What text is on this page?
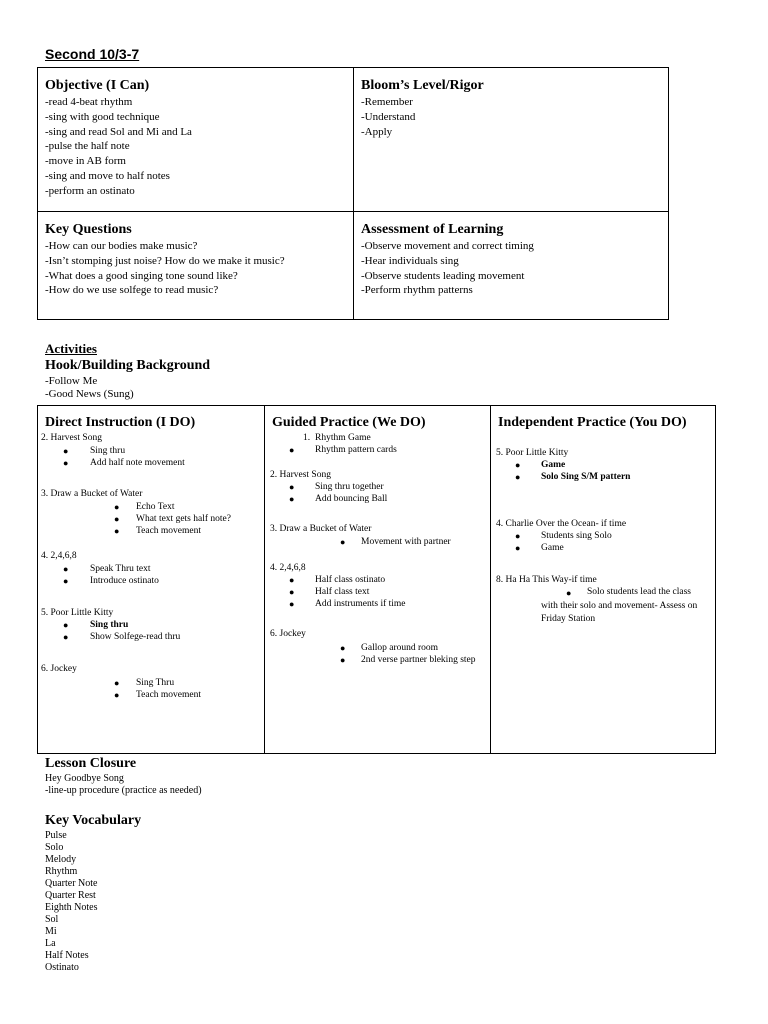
Second 10/3-7
Objective (I Can)
-read 4-beat rhythm
-sing with good technique
-sing and read Sol and Mi and La
-pulse the half note
-move in AB form
-sing and move to half notes
-perform an ostinato
Bloom’s Level/Rigor
-Remember
-Understand
-Apply
Key Questions
-How can our bodies make music?
-Isn’t stomping just noise? How do we make it music?
-What does a good singing tone sound like?
-How do we use solfege to read music?
Assessment of Learning
-Observe movement and correct timing
-Hear individuals sing
-Observe students leading movement
-Perform rhythm patterns
Activities
Hook/Building Background
-Follow Me
-Good News (Sung)
Direct Instruction (I DO)
2. Harvest Song
● Sing thru
● Add half note movement
3. Draw a Bucket of Water
● Echo Text
● What text gets half note?
● Teach movement
4. 2,4,6,8
● Speak Thru text
● Introduce ostinato
5. Poor Little Kitty
● Sing thru
● Show Solfege-read thru
6. Jockey
● Sing Thru
● Teach movement
Guided Practice (We DO)
1. Rhythm Game
● Rhythm pattern cards
2. Harvest Song
● Sing thru together
● Add bouncing Ball
3. Draw a Bucket of Water
● Movement with partner
4. 2,4,6,8
● Half class ostinato
● Half class text
● Add instruments if time
6. Jockey
● Gallop around room
● 2nd verse partner bleking step
Independent Practice (You DO)
5. Poor Little Kitty
● Game
● Solo Sing S/M pattern
4. Charlie Over the Ocean- if time
● Students sing Solo
● Game
8. Ha Ha This Way-if time
●	Solo students lead the class with their solo and movement- Assess on Friday Station
Lesson Closure
Hey Goodbye Song
-line-up procedure (practice as needed)
Key Vocabulary
Pulse
Solo
Melody
Rhythm
Quarter Note
Quarter Rest
Eighth Notes
Sol
Mi
La
Half Notes
Ostinato
